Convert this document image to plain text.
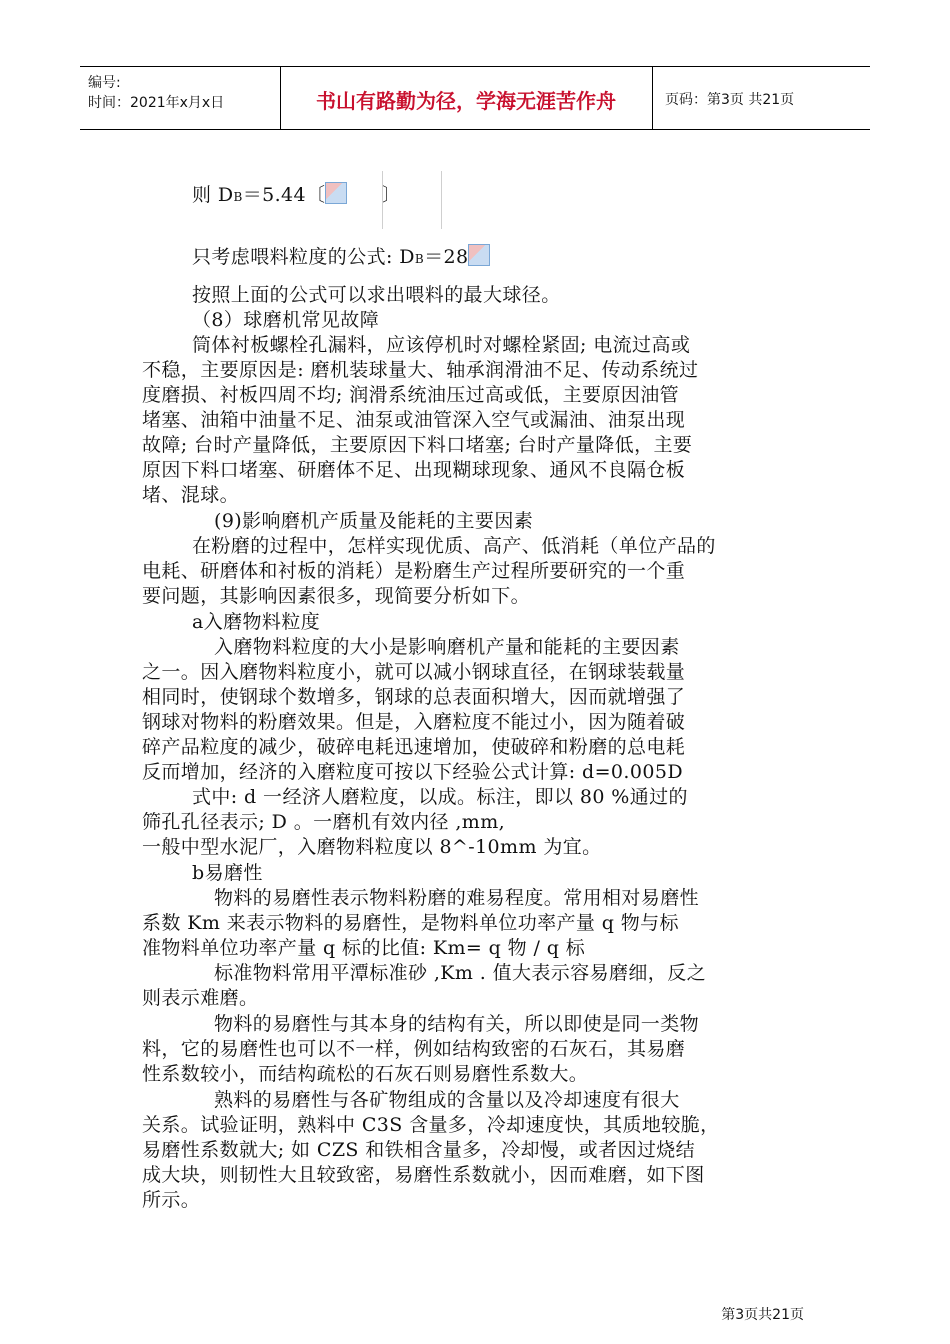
编号:
时间：2021年x月x日	书山有路勤为径，学海无涯苦作舟	页码：第3页 共21页
则 DB＝5.44〔	〕
只考虑喂料粒度的公式: DB＝28
按照上面的公式可以求出喂料的最大球径。
（8）球磨机常见故障
筒体衬板螺栓孔漏料，应该停机时对螺栓紧固; 电流过高或
不稳，主要原因是: 磨机装球量大、轴承润滑油不足、传动系统过
度磨损、衬板四周不均; 润滑系统油压过高或低，主要原因油管
堵塞、油箱中油量不足、油泵或油管深入空气或漏油、油泵出现
故障; 台时产量降低，主要原因下料口堵塞; 台时产量降低，主要
原因下料口堵塞、研磨体不足、出现糊球现象、通风不良隔仓板
堵、混球。
(9)影响磨机产质量及能耗的主要因素
在粉磨的过程中，怎样实现优质、高产、低消耗（单位产品的
电耗、研磨体和衬板的消耗）是粉磨生产过程所要研究的一个重
要问题，其影响因素很多，现简要分析如下。
a入磨物料粒度
入磨物料粒度的大小是影响磨机产量和能耗的主要因素
之一。因入磨物料粒度小，就可以减小钢球直径，在钢球装载量
相同时，使钢球个数增多，钢球的总表面积增大，因而就增强了
钢球对物料的粉磨效果。但是，入磨粒度不能过小，因为随着破
碎产品粒度的减少，破碎电耗迅速增加，使破碎和粉磨的总电耗
反而增加，经济的入磨粒度可按以下经验公式计算: d=0.005D
式中: d 一经济人磨粒度，以成。标注，即以 80 %通过的
筛孔孔径表示; D 。一磨机有效内径 ,mm,
一般中型水泥厂，入磨物料粒度以 8^-10mm 为宜。
b易磨性
物料的易磨性表示物料粉磨的难易程度。常用相对易磨性
系数 Km 来表示物料的易磨性，是物料单位功率产量 q 物与标
准物料单位功率产量 q 标的比值: Km= q 物 / q 标
标准物料常用平潭标准砂 ,Km . 值大表示容易磨细，反之
则表示难磨。
物料的易磨性与其本身的结构有关，所以即使是同一类物
料，它的易磨性也可以不一样，例如结构致密的石灰石，其易磨
性系数较小，而结构疏松的石灰石则易磨性系数大。
熟料的易磨性与各矿物组成的含量以及冷却速度有很大
关系。试验证明，熟料中 C3S 含量多，冷却速度快，其质地较脆，
易磨性系数就大; 如 CZS 和铁相含量多，冷却慢，或者因过烧结
成大块，则韧性大且较致密，易磨性系数就小，因而难磨，如下图
所示。
第3页共21页
